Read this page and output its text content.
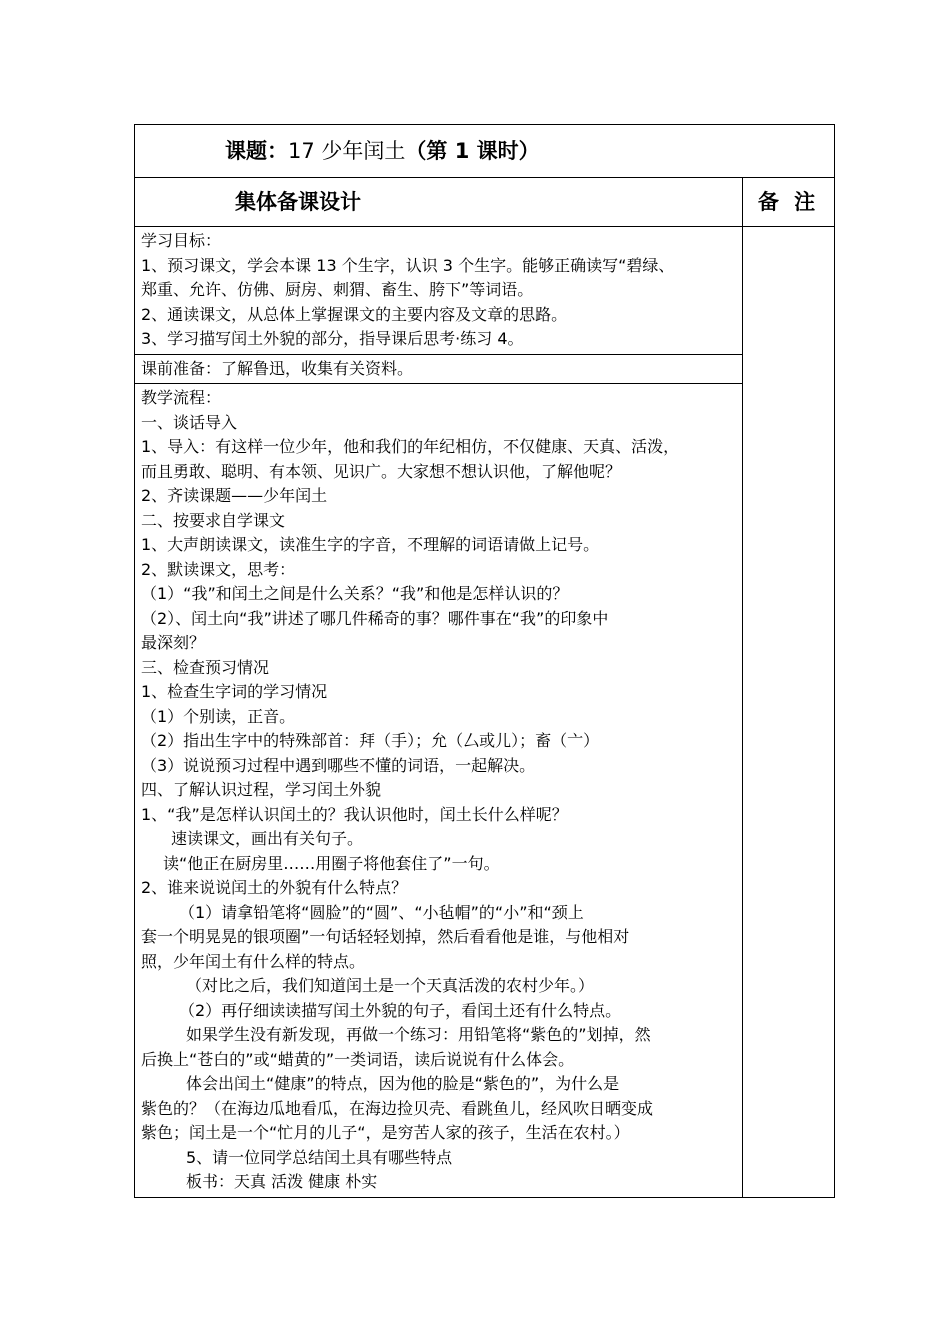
课题：17 少年闰土（第 1 课时）

集体备课设计	备 注

学习目标：

1、预习课文，学会本课 13 个生字，认识 3 个生字。能够正确读写“碧绿、

郑重、允许、仿佛、厨房、刺猬、畜生、胯下”等词语。

2、通读课文，从总体上掌握课文的主要内容及文章的思路。

3、学习描写闰土外貌的部分，指导课后思考·练习 4。

课前准备：了解鲁迅，收集有关资料。

教学流程：

一、谈话导入

1、导入：有这样一位少年，他和我们的年纪相仿，不仅健康、天真、活泼，

而且勇敢、聪明、有本领、见识广。大家想不想认识他，了解他呢？

2、齐读课题——少年闰土

二、按要求自学课文

1、大声朗读课文，读准生字的字音，不理解的词语请做上记号。

2、默读课文，思考：

（1）“我”和闰土之间是什么关系？“我”和他是怎样认识的？

（2）、闰土向“我”讲述了哪几件稀奇的事？哪件事在“我”的印象中

最深刻？

三、检查预习情况

1、检查生字词的学习情况

（1）个别读，正音。

（2）指出生字中的特殊部首：拜（手）；允（厶或儿）；畜（亠）

（3）说说预习过程中遇到哪些不懂的词语，一起解决。

四、了解认识过程，学习闰土外貌

1、“我”是怎样认识闰土的？我认识他时，闰土长什么样呢？

速读课文，画出有关句子。

读“他正在厨房里……用圈子将他套住了”一句。

2、谁来说说闰土的外貌有什么特点？

（1）请拿铅笔将“圆脸”的“圆”、“小毡帽”的“小”和“颈上

套一个明晃晃的银项圈”一句话轻轻划掉，然后看看他是谁，与他相对

照，少年闰土有什么样的特点。

（对比之后，我们知道闰土是一个天真活泼的农村少年。）

（2）再仔细读读描写闰土外貌的句子，看闰土还有什么特点。

如果学生没有新发现，再做一个练习：用铅笔将“紫色的”划掉，然

后换上“苍白的”或“蜡黄的”一类词语，读后说说有什么体会。

体会出闰土“健康”的特点，因为他的脸是“紫色的”，为什么是

紫色的？（在海边瓜地看瓜，在海边捡贝壳、看跳鱼儿，经风吹日晒变成

紫色；闰土是一个“忙月的儿子“，是穷苦人家的孩子，生活在农村。）

5、请一位同学总结闰土具有哪些特点

板书：天真 活泼 健康 朴实
